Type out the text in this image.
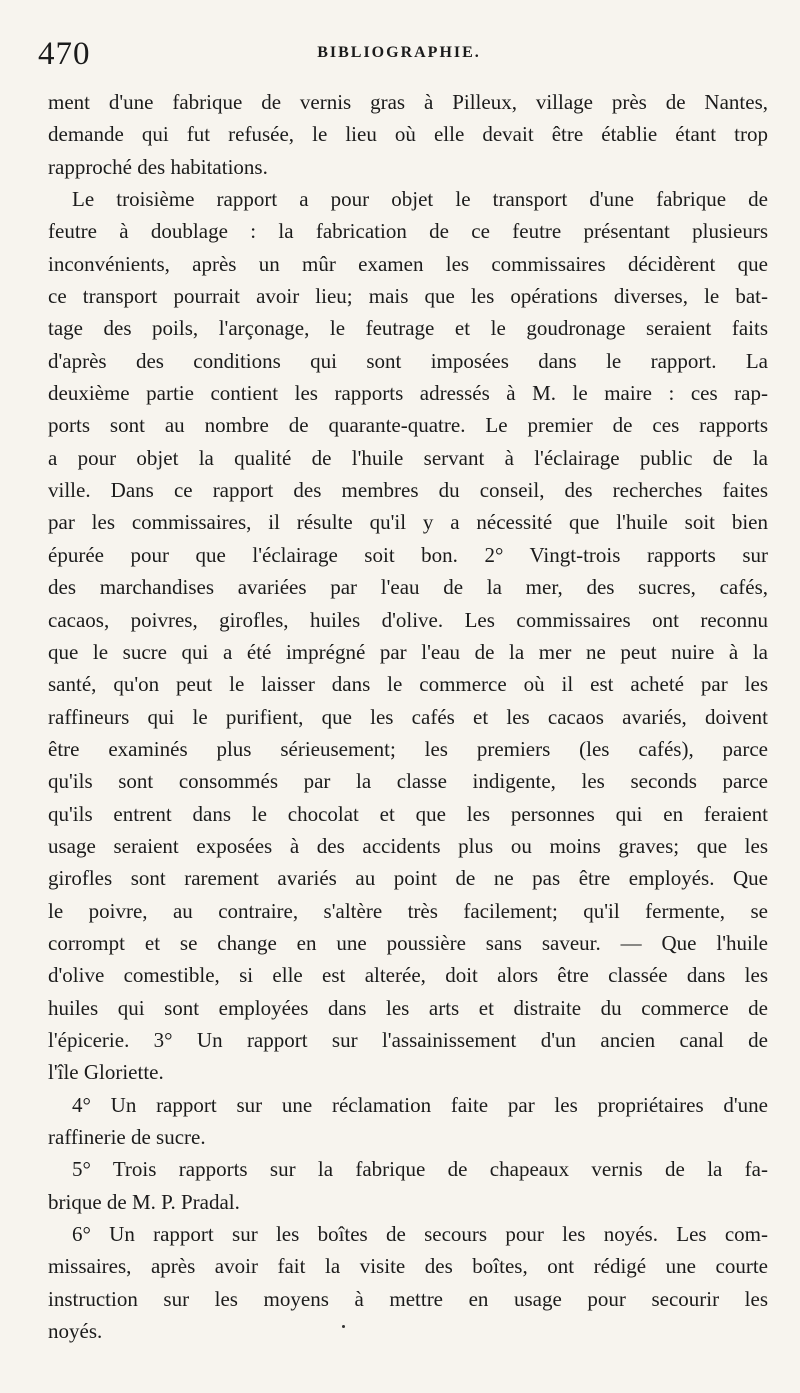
470	BIBLIOGRAPHIE.
ment d'une fabrique de vernis gras à Pilleux, village près de Nantes,
demande qui fut refusée, le lieu où elle devait être établie étant trop
rapproché des habitations.
Le troisième rapport a pour objet le transport d'une fabrique de
feutre à doublage : la fabrication de ce feutre présentant plusieurs
inconvénients, après un mûr examen les commissaires décidèrent que
ce transport pourrait avoir lieu; mais que les opérations diverses, le bat-
tage des poils, l'arçonage, le feutrage et le goudronage seraient faits
d'après des conditions qui sont imposées dans le rapport. La
deuxième partie contient les rapports adressés à M. le maire : ces rap-
ports sont au nombre de quarante-quatre. Le premier de ces rapports
a pour objet la qualité de l'huile servant à l'éclairage public de la
ville. Dans ce rapport des membres du conseil, des recherches faites
par les commissaires, il résulte qu'il y a nécessité que l'huile soit bien
épurée pour que l'éclairage soit bon. 2° Vingt-trois rapports sur
des marchandises avariées par l'eau de la mer, des sucres, cafés,
cacaos, poivres, girofles, huiles d'olive. Les commissaires ont reconnu
que le sucre qui a été imprégné par l'eau de la mer ne peut nuire à la
santé, qu'on peut le laisser dans le commerce où il est acheté par les
raffineurs qui le purifient, que les cafés et les cacaos avariés, doivent
être examinés plus sérieusement; les premiers (les cafés), parce
qu'ils sont consommés par la classe indigente, les seconds parce
qu'ils entrent dans le chocolat et que les personnes qui en feraient
usage seraient exposées à des accidents plus ou moins graves; que les
girofles sont rarement avariés au point de ne pas être employés. Que
le poivre, au contraire, s'altère très facilement; qu'il fermente, se
corrompt et se change en une poussière sans saveur. — Que l'huile
d'olive comestible, si elle est alterée, doit alors être classée dans les
huiles qui sont employées dans les arts et distraite du commerce de
l'épicerie. 3° Un rapport sur l'assainissement d'un ancien canal de
l'île Gloriette.
4° Un rapport sur une réclamation faite par les propriétaires d'une
raffinerie de sucre.
5° Trois rapports sur la fabrique de chapeaux vernis de la fa-
brique de M. P. Pradal.
6° Un rapport sur les boîtes de secours pour les noyés. Les com-
missaires, après avoir fait la visite des boîtes, ont rédigé une courte
instruction sur les moyens à mettre en usage pour secourir les
noyés.
